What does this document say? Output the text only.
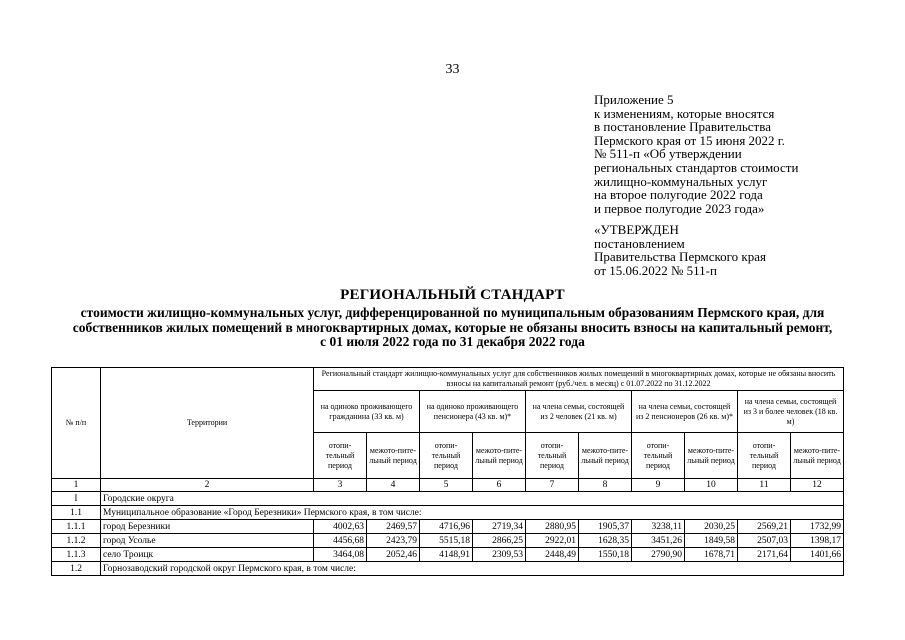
33
Приложение 5
к изменениям, которые вносятся
в постановление Правительства
Пермского края от 15 июня 2022 г.
№ 511-п «Об утверждении
региональных стандартов стоимости
жилищно-коммунальных услуг
на второе полугодие 2022 года
и первое полугодие 2023 года»
«УТВЕРЖДЕН
постановлением
Правительства Пермского края
от 15.06.2022 № 511-п
РЕГИОНАЛЬНЫЙ СТАНДАРТ
стоимости жилищно-коммунальных услуг, дифференцированной по муниципальным образованиям Пермского края, для собственников жилых помещений в многоквартирных домах, которые не обязаны вносить взносы на капитальный ремонт, с 01 июля 2022 года по 31 декабря 2022 года
№ п/п	Территории	Региональный стандарт жилищно-коммунальных услуг для собственников жилых помещений в многоквартирных домах, которые не обязаны вносить взносы на капитальный ремонт (руб./чел. в месяц) с 01.07.2022 по 31.12.2022									
		на одиноко проживающего гражданина (33 кв. м)		на одиноко проживающего пенсионера (43 кв. м)*		на члена семьи, состоящей из 2 человек (21 кв. м)		на члена семьи, состоящей из 2 пенсионеров (26 кв. м)*		на члена семьи, состоящей из 3 и более человек (18 кв. м)	
		отопи-тельный период	межото-пите-льный период	отопи-тельный период	межото-пите-льный период	отопи-тельный период	межото-пите-льный период	отопи-тельный период	межото-пите-льный период	отопи-тельный период	межото-пите-льный период
1	2	3	4	5	6	7	8	9	10	11	12
I	Городские округа										
1.1	Муниципальное образование «Город Березники» Пермского края, в том числе:										
1.1.1	город Березники	4002,63	2469,57	4716,96	2719,34	2880,95	1905,37	3238,11	2030,25	2569,21	1732,99
1.1.2	город Усолье	4456,68	2423,79	5515,18	2866,25	2922,01	1628,35	3451,26	1849,58	2507,03	1398,17
1.1.3	село Троицк	3464,08	2052,46	4148,91	2309,53	2448,49	1550,18	2790,90	1678,71	2171,64	1401,66
1.2	Горнозаводский городской округ Пермского края, в том числе:										
